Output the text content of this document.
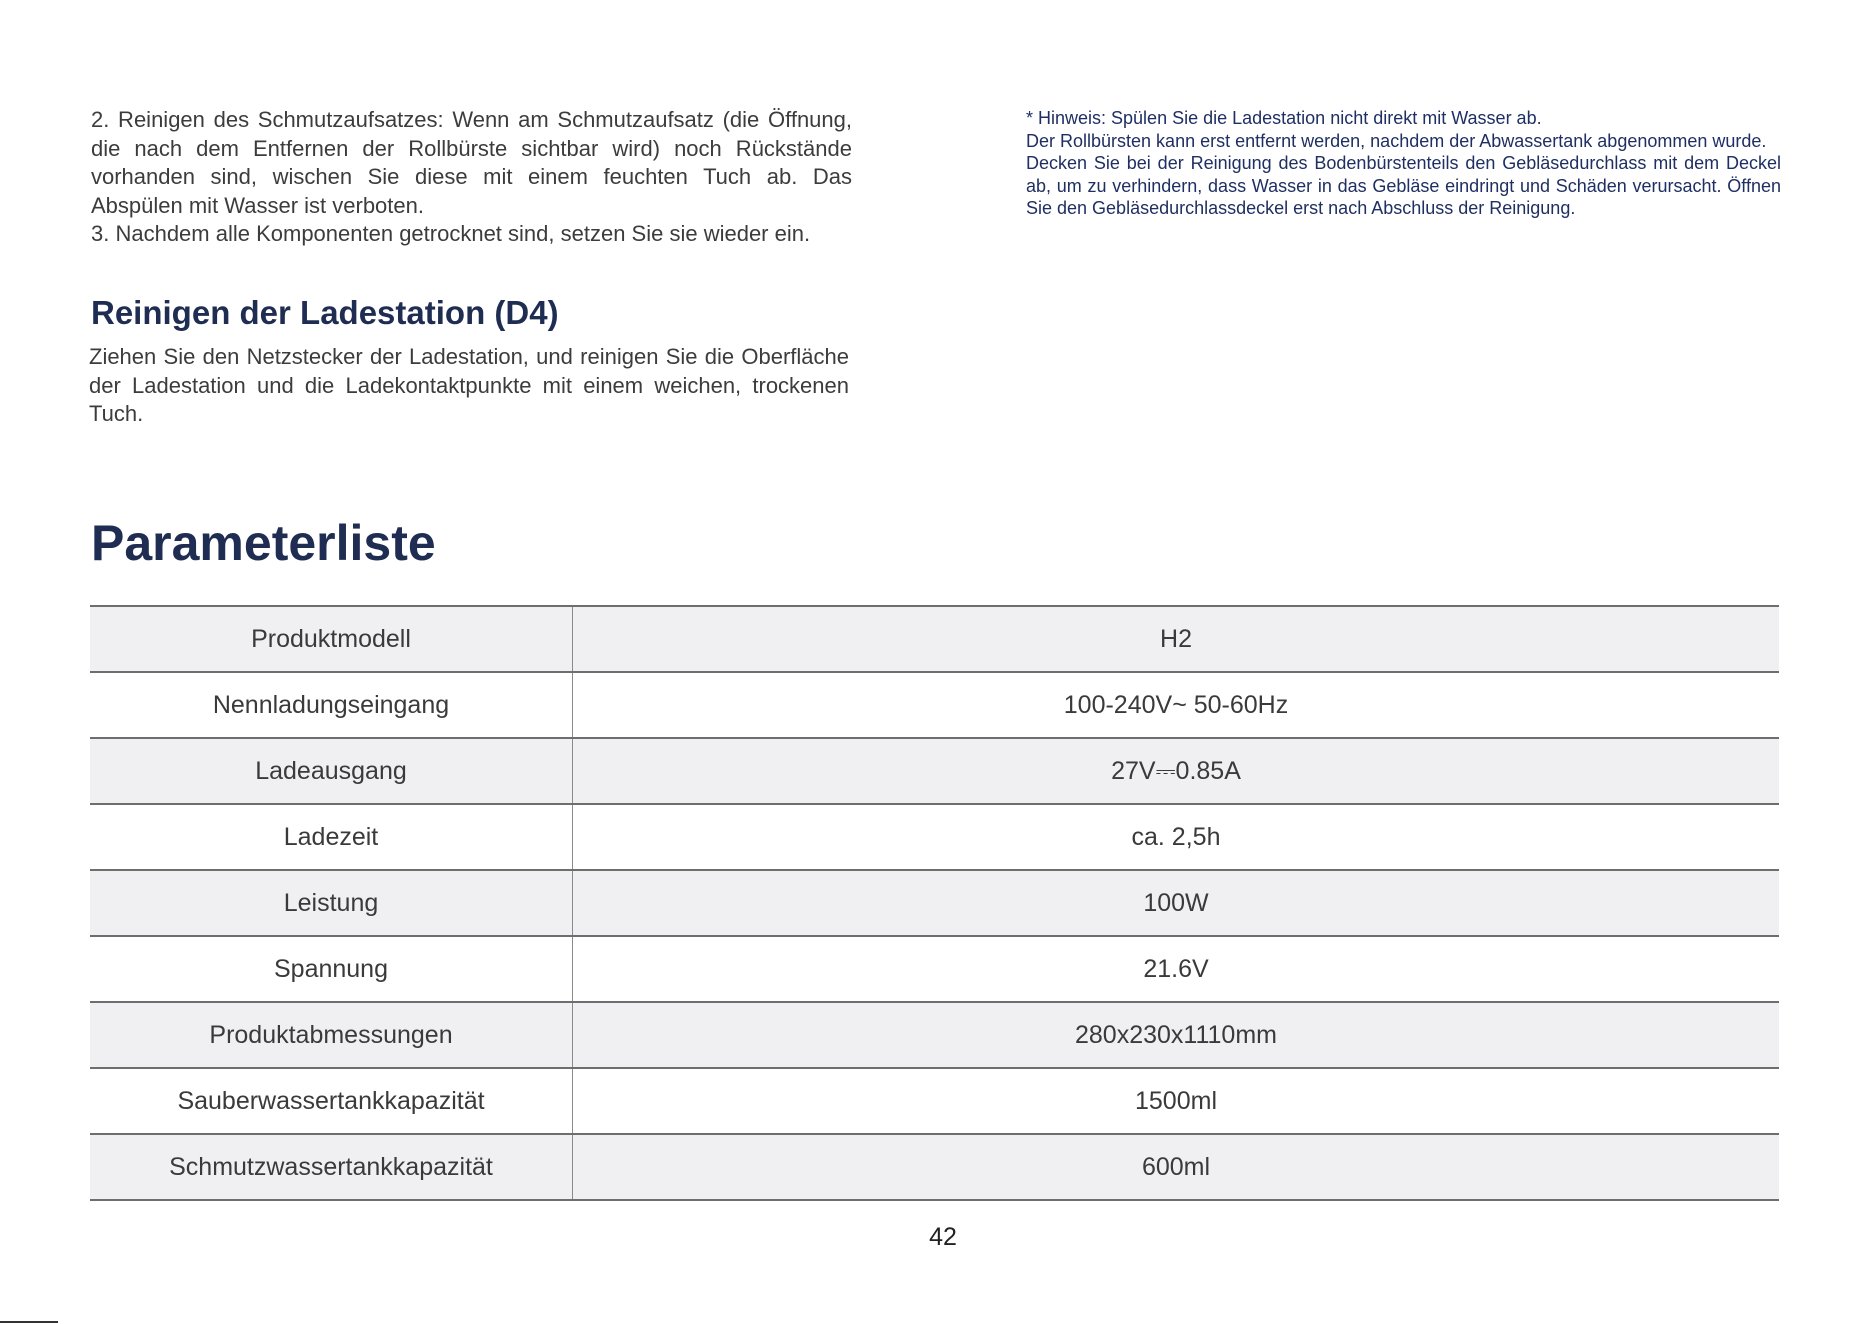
2. Reinigen des Schmutzaufsatzes: Wenn am Schmutzaufsatz (die Öffnung, die nach dem Entfernen der Rollbürste sichtbar wird) noch Rückstände vorhanden sind, wischen Sie diese mit einem feuchten Tuch ab. Das Abspülen mit Wasser ist verboten.

3. Nachdem alle Komponenten getrocknet sind, setzen Sie sie wieder ein.

* Hinweis: Spülen Sie die Ladestation nicht direkt mit Wasser ab.

Der Rollbürsten kann erst entfernt werden, nachdem der Abwassertank abgenommen wurde.

Decken Sie bei der Reinigung des Bodenbürstenteils den Gebläsedurchlass mit dem Deckel ab, um zu verhindern, dass Wasser in das Gebläse eindringt und Schäden verursacht. Öffnen Sie den Gebläsedurchlassdeckel erst nach Abschluss der Reinigung.

Reinigen der Ladestation (D4)

Ziehen Sie den Netzstecker der Ladestation, und reinigen Sie die Oberfläche der Ladestation und die Ladekontaktpunkte mit einem weichen, trockenen Tuch.

Parameterliste
Produktmodell	H2
Nennladungseingang	100-240V~ 50-60Hz
Ladeausgang	27V⎓0.85A
Ladezeit	ca. 2,5h
Leistung	100W
Spannung	21.6V
Produktabmessungen	280x230x1110mm
Sauberwassertankkapazität	1500ml
Schmutzwassertankkapazität	600ml
42
